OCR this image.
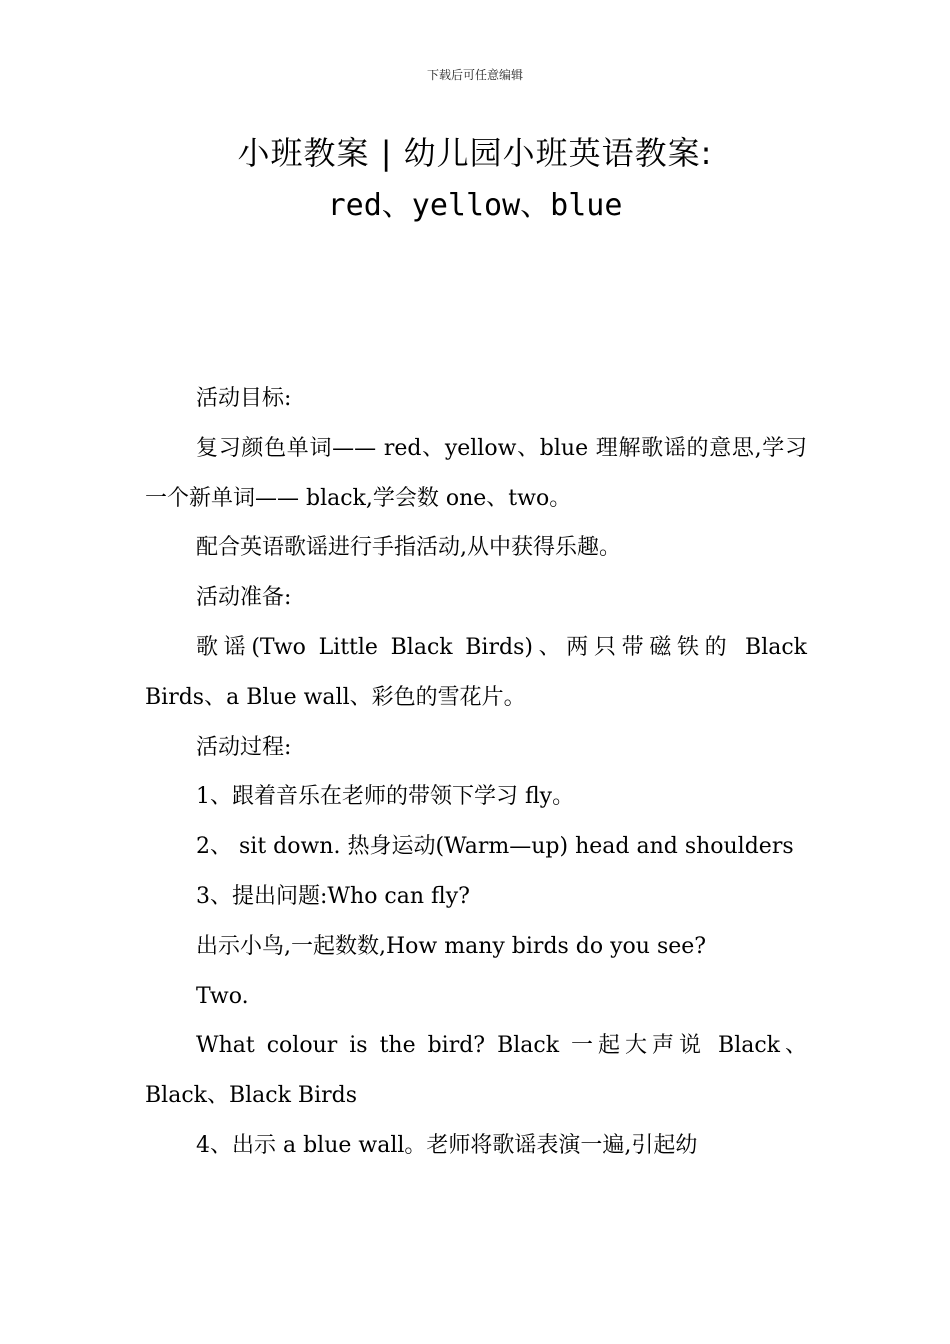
下载后可任意编辑
小班教案 | 幼儿园小班英语教案:
red、yellow、blue

活动目标:

复习颜色单词—— red、yellow、blue 理解歌谣的意思,学习一个新单词—— black,学会数 one、two。

配合英语歌谣进行手指活动,从中获得乐趣。

活动准备:

歌谣(Two Little Black Birds)、两只带磁铁的 Black Birds、a Blue wall、彩色的雪花片。

活动过程:

1、跟着音乐在老师的带领下学习 fly。

2、 sit down. 热身运动(Warm—up) head and shoulders

3、提出问题:Who can fly?

出示小鸟,一起数数,How many birds do you see?

Two.

What colour is the bird? Black 一起大声说 Black、Black、Black Birds

4、出示 a blue wall。老师将歌谣表演一遍,引起幼
